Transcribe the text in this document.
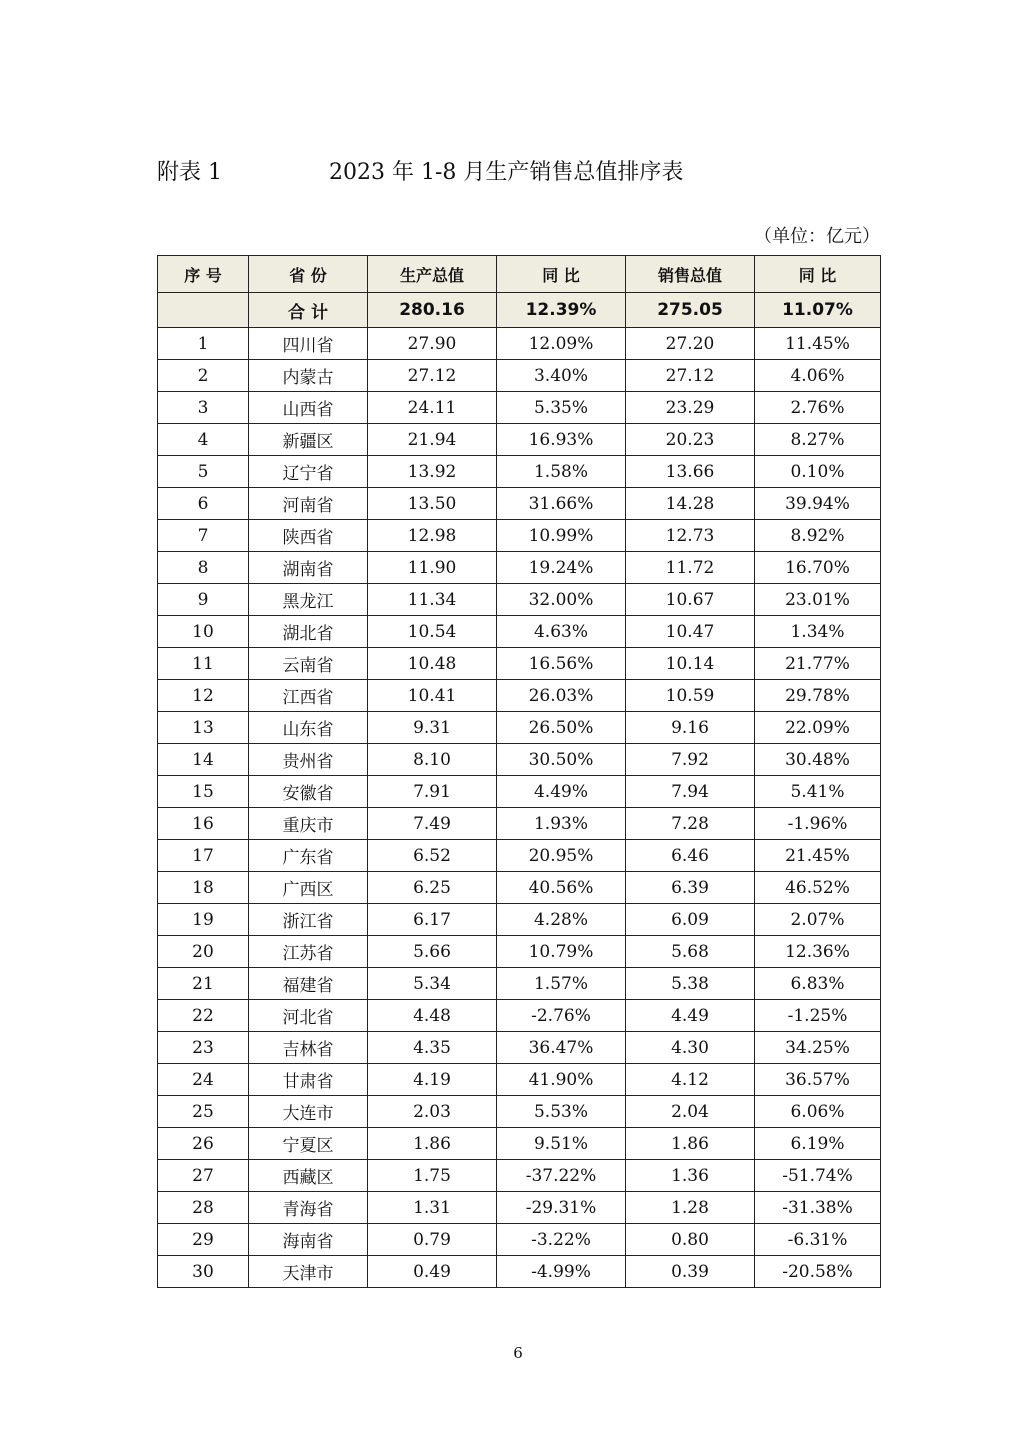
附表 1	2023 年 1-8 月生产销售总值排序表
（单位：亿元）
序 号	省 份	生产总值	同 比	销售总值	同 比
	合 计	280.16	12.39%	275.05	11.07%
1	四川省	27.90	12.09%	27.20	11.45%
2	内蒙古	27.12	3.40%	27.12	4.06%
3	山西省	24.11	5.35%	23.29	2.76%
4	新疆区	21.94	16.93%	20.23	8.27%
5	辽宁省	13.92	1.58%	13.66	0.10%
6	河南省	13.50	31.66%	14.28	39.94%
7	陕西省	12.98	10.99%	12.73	8.92%
8	湖南省	11.90	19.24%	11.72	16.70%
9	黑龙江	11.34	32.00%	10.67	23.01%
10	湖北省	10.54	4.63%	10.47	1.34%
11	云南省	10.48	16.56%	10.14	21.77%
12	江西省	10.41	26.03%	10.59	29.78%
13	山东省	9.31	26.50%	9.16	22.09%
14	贵州省	8.10	30.50%	7.92	30.48%
15	安徽省	7.91	4.49%	7.94	5.41%
16	重庆市	7.49	1.93%	7.28	-1.96%
17	广东省	6.52	20.95%	6.46	21.45%
18	广西区	6.25	40.56%	6.39	46.52%
19	浙江省	6.17	4.28%	6.09	2.07%
20	江苏省	5.66	10.79%	5.68	12.36%
21	福建省	5.34	1.57%	5.38	6.83%
22	河北省	4.48	-2.76%	4.49	-1.25%
23	吉林省	4.35	36.47%	4.30	34.25%
24	甘肃省	4.19	41.90%	4.12	36.57%
25	大连市	2.03	5.53%	2.04	6.06%
26	宁夏区	1.86	9.51%	1.86	6.19%
27	西藏区	1.75	-37.22%	1.36	-51.74%
28	青海省	1.31	-29.31%	1.28	-31.38%
29	海南省	0.79	-3.22%	0.80	-6.31%
30	天津市	0.49	-4.99%	0.39	-20.58%
6
